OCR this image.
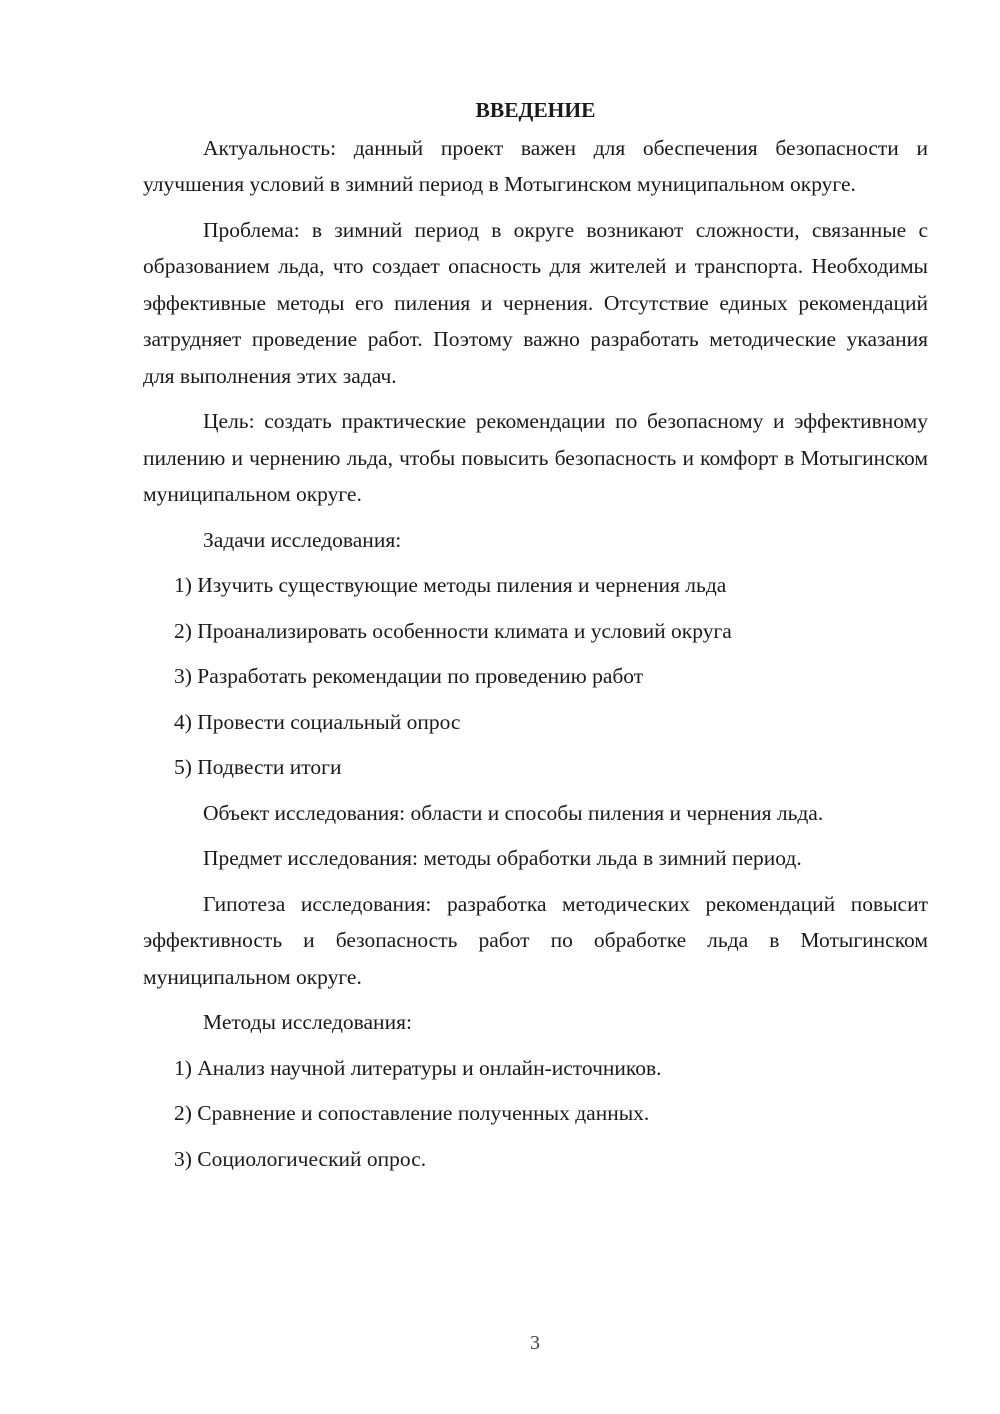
ВВЕДЕНИЕ
Актуальность: данный проект важен для обеспечения безопасности и улучшения условий в зимний период в Мотыгинском муниципальном округе.
Проблема: в зимний период в округе возникают сложности, связанные с образованием льда, что создает опасность для жителей и транспорта. Необходимы эффективные методы его пиления и чернения. Отсутствие единых рекомендаций затрудняет проведение работ. Поэтому важно разработать методические указания для выполнения этих задач.
Цель: создать практические рекомендации по безопасному и эффективному пилению и чернению льда, чтобы повысить безопасность и комфорт в Мотыгинском муниципальном округе.
Задачи исследования:
1) Изучить существующие методы пиления и чернения льда
2) Проанализировать особенности климата и условий округа
3) Разработать рекомендации по проведению работ
4) Провести социальный опрос
5) Подвести итоги
Объект исследования: области и способы пиления и чернения льда.
Предмет исследования: методы обработки льда в зимний период.
Гипотеза исследования: разработка методических рекомендаций повысит эффективность и безопасность работ по обработке льда в Мотыгинском муниципальном округе.
Методы исследования:
1) Анализ научной литературы и онлайн-источников.
2) Сравнение и сопоставление полученных данных.
3) Социологический опрос.
3
